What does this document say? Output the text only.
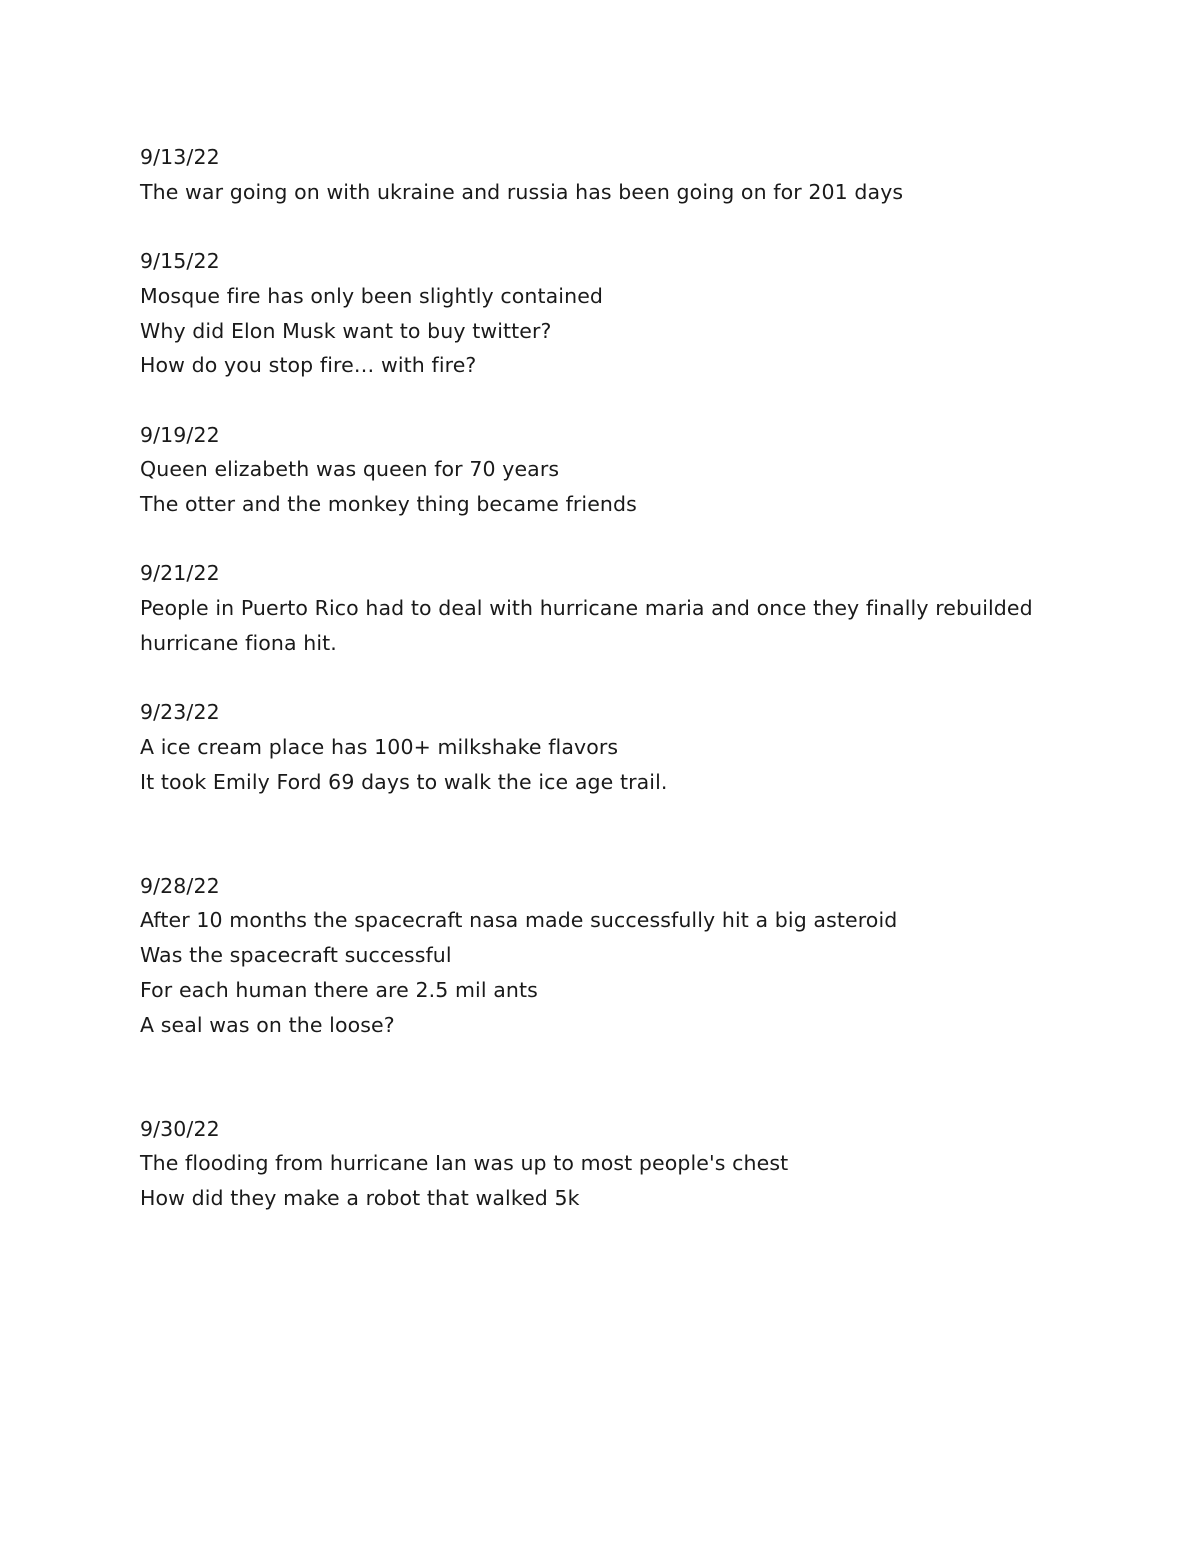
9/13/22
The war going on with ukraine and russia has been going on for 201 days
9/15/22
Mosque fire has only been slightly contained
Why did Elon Musk want to buy twitter?
How do you stop fire… with fire?
9/19/22
Queen elizabeth was queen for 70 years
The otter and the monkey thing became friends
9/21/22
People in Puerto Rico had to deal with hurricane maria and once they finally rebuilded
hurricane fiona hit.
9/23/22
A ice cream place has 100+ milkshake flavors
It took Emily Ford 69 days to walk the ice age trail.
9/28/22
After 10 months the spacecraft nasa made successfully hit a big asteroid
Was the spacecraft successful
For each human there are 2.5 mil ants
A seal was on the loose?
9/30/22
The flooding from hurricane Ian was up to most people's chest
How did they make a robot that walked 5k
